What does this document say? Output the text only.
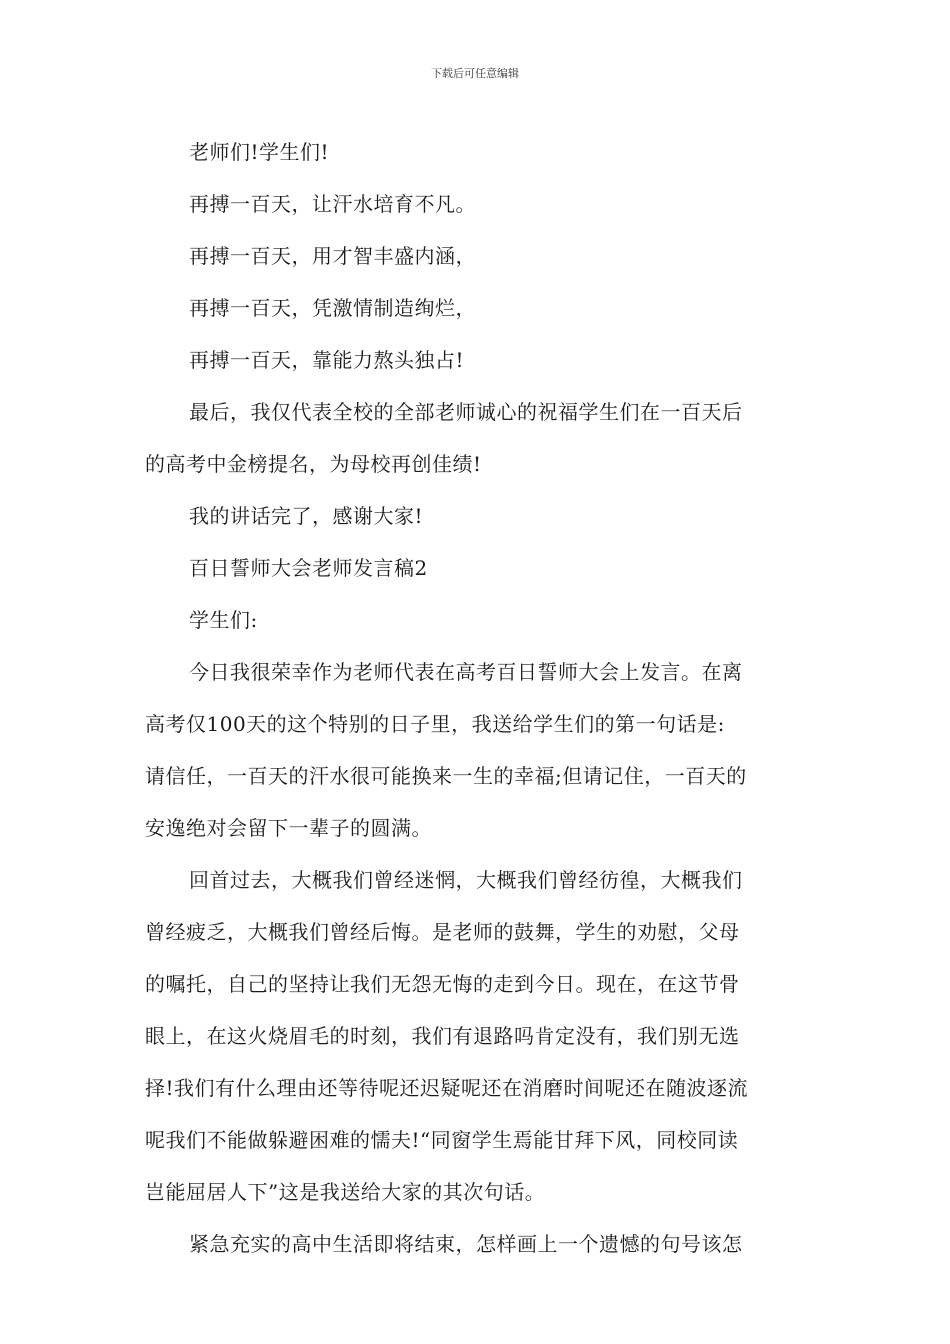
下载后可任意编辑
老师们!学生们!
再搏一百天，让汗水培育不凡。
再搏一百天，用才智丰盛内涵，
再搏一百天，凭激情制造绚烂，
再搏一百天，靠能力熬头独占!
最后，我仅代表全校的全部老师诚心的祝福学生们在一百天后
的高考中金榜提名，为母校再创佳绩!
我的讲话完了，感谢大家!
百日誓师大会老师发言稿2
学生们:
今日我很荣幸作为老师代表在高考百日誓师大会上发言。在离
高考仅100天的这个特别的日子里，我送给学生们的第一句话是:
请信任，一百天的汗水很可能换来一生的幸福;但请记住，一百天的
安逸绝对会留下一辈子的圆满。
回首过去，大概我们曾经迷惘，大概我们曾经彷徨，大概我们
曾经疲乏，大概我们曾经后悔。是老师的鼓舞，学生的劝慰，父母
的嘱托，自己的坚持让我们无怨无悔的走到今日。现在，在这节骨
眼上，在这火烧眉毛的时刻，我们有退路吗肯定没有，我们别无选
择!我们有什么理由还等待呢还迟疑呢还在消磨时间呢还在随波逐流
呢我们不能做躲避困难的懦夫!“同窗学生焉能甘拜下风，同校同读
岂能屈居人下”这是我送给大家的其次句话。
紧急充实的高中生活即将结束，怎样画上一个遗憾的句号该怎
